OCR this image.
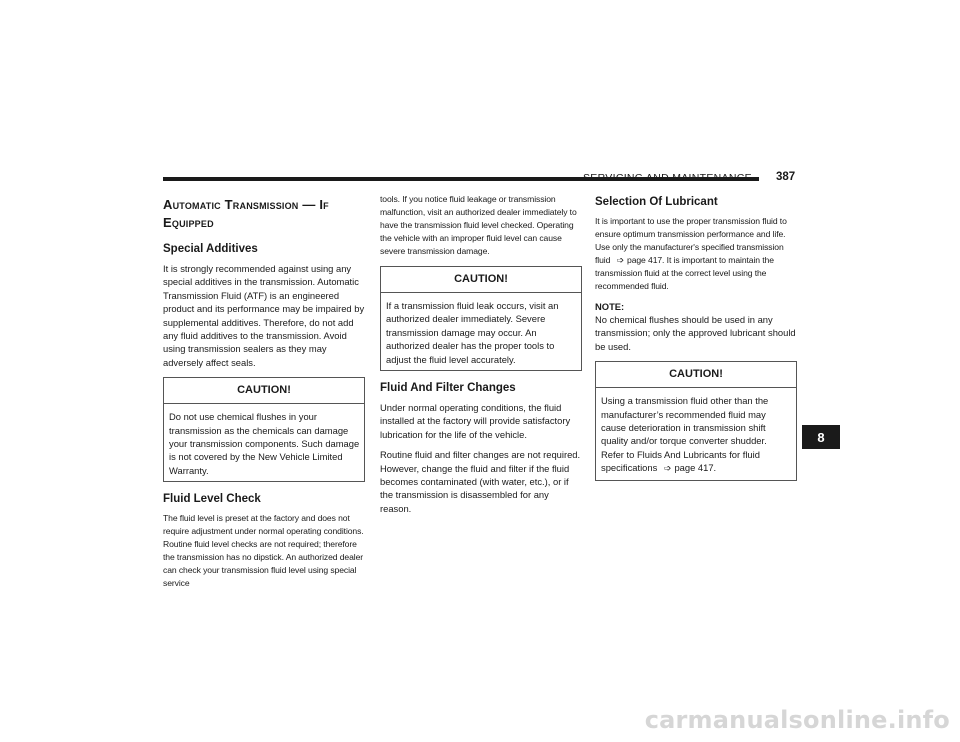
SERVICING AND MAINTENANCE 387
Automatic Transmission — If
Equipped
Special Additives

It is strongly recommended against using any special additives in the transmission. Automatic Transmission Fluid (ATF) is an engineered product and its performance may be impaired by supplemental additives. Therefore, do not add any fluid additives to the transmission. Avoid using transmission sealers as they may adversely affect seals.

CAUTION!

Do not use chemical flushes in your transmission as the chemicals can damage your transmission components. Such damage is not covered by the New Vehicle Limited Warranty.

Fluid Level Check

The fluid level is preset at the factory and does not require adjustment under normal operating conditions. Routine fluid level checks are not required; therefore the transmission has no dipstick. An authorized dealer can check your transmission fluid level using special service

tools. If you notice fluid leakage or transmission malfunction, visit an authorized dealer immediately to have the transmission fluid level checked. Operating the vehicle with an improper fluid level can cause severe transmission damage.

CAUTION!

If a transmission fluid leak occurs, visit an authorized dealer immediately. Severe transmission damage may occur. An authorized dealer has the proper tools to adjust the fluid level accurately.

Fluid And Filter Changes

Under normal operating conditions, the fluid installed at the factory will provide satisfactory lubrication for the life of the vehicle.

Routine fluid and filter changes are not required. However, change the fluid and filter if the fluid becomes contaminated (with water, etc.), or if the transmission is disassembled for any reason.

Selection Of Lubricant

It is important to use the proper transmission fluid to ensure optimum transmission performance and life. Use only the manufacturer's specified transmission fluid ➩ page 417. It is important to maintain the transmission fluid at the correct level using the recommended fluid.

NOTE:

No chemical flushes should be used in any transmission; only the approved lubricant should be used.

CAUTION!

Using a transmission fluid other than the manufacturer’s recommended fluid may cause deterioration in transmission shift quality and/or torque converter shudder. Refer to Fluids And Lubricants for fluid specifications ➩ page 417.

8
carmanualsonline.info
